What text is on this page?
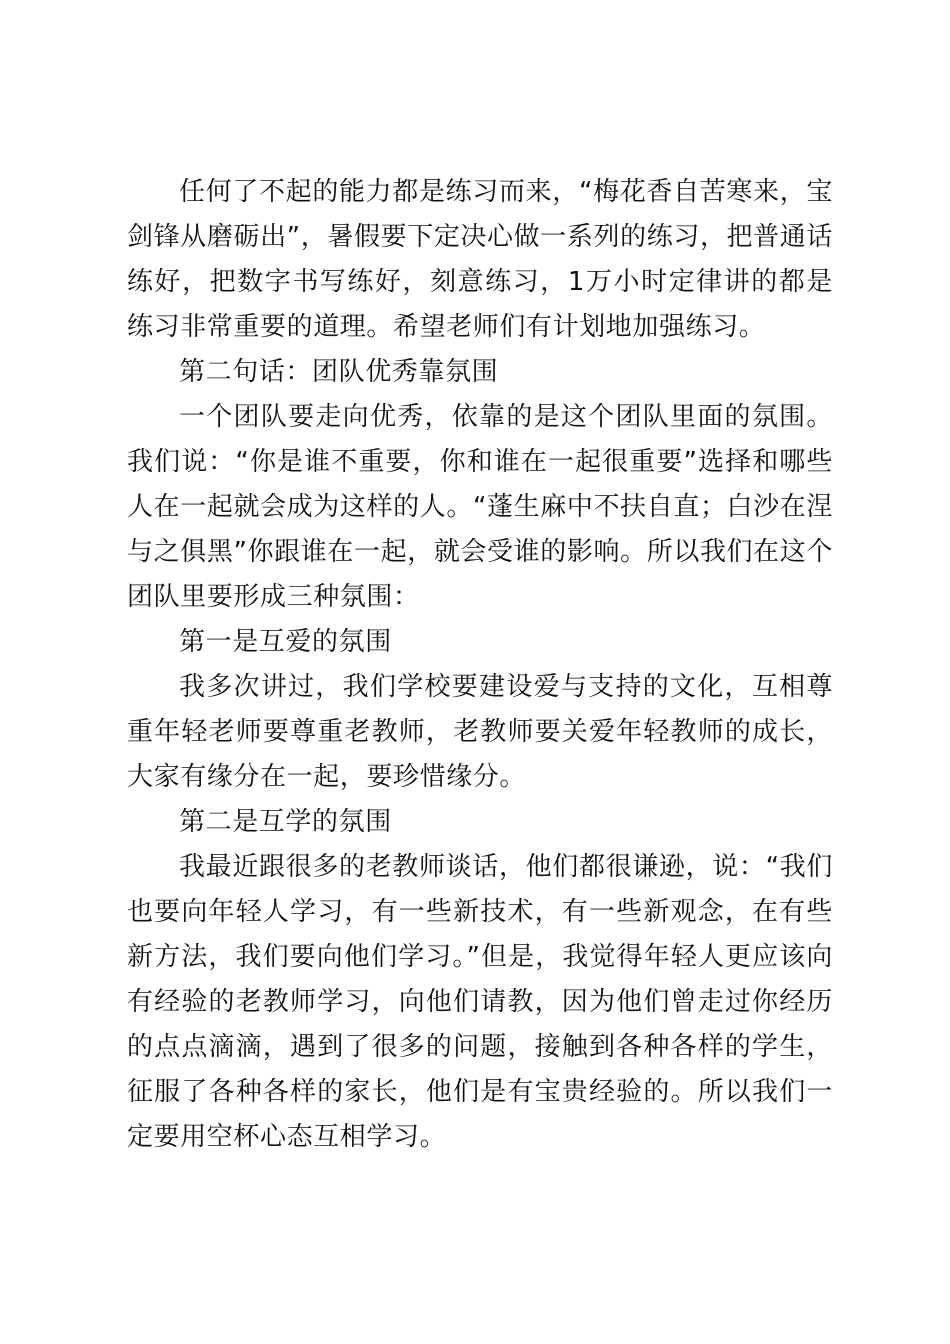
任何了不起的能力都是练习而来，“梅花香自苦寒来，宝剑锋从磨砺出”，暑假要下定决心做一系列的练习，把普通话练好，把数字书写练好，刻意练习，1万小时定律讲的都是练习非常重要的道理。希望老师们有计划地加强练习。

第二句话：团队优秀靠氛围

一个团队要走向优秀，依靠的是这个团队里面的氛围。我们说：“你是谁不重要，你和谁在一起很重要”选择和哪些人在一起就会成为这样的人。“蓬生麻中不扶自直；白沙在涅与之俱黑”你跟谁在一起，就会受谁的影响。所以我们在这个团队里要形成三种氛围：

第一是互爱的氛围

我多次讲过，我们学校要建设爱与支持的文化，互相尊重年轻老师要尊重老教师，老教师要关爱年轻教师的成长，大家有缘分在一起，要珍惜缘分。

第二是互学的氛围

我最近跟很多的老教师谈话，他们都很谦逊，说：“我们也要向年轻人学习，有一些新技术，有一些新观念，在有些新方法，我们要向他们学习。”但是，我觉得年轻人更应该向有经验的老教师学习，向他们请教，因为他们曾走过你经历的点点滴滴，遇到了很多的问题，接触到各种各样的学生，征服了各种各样的家长，他们是有宝贵经验的。所以我们一定要用空杯心态互相学习。
